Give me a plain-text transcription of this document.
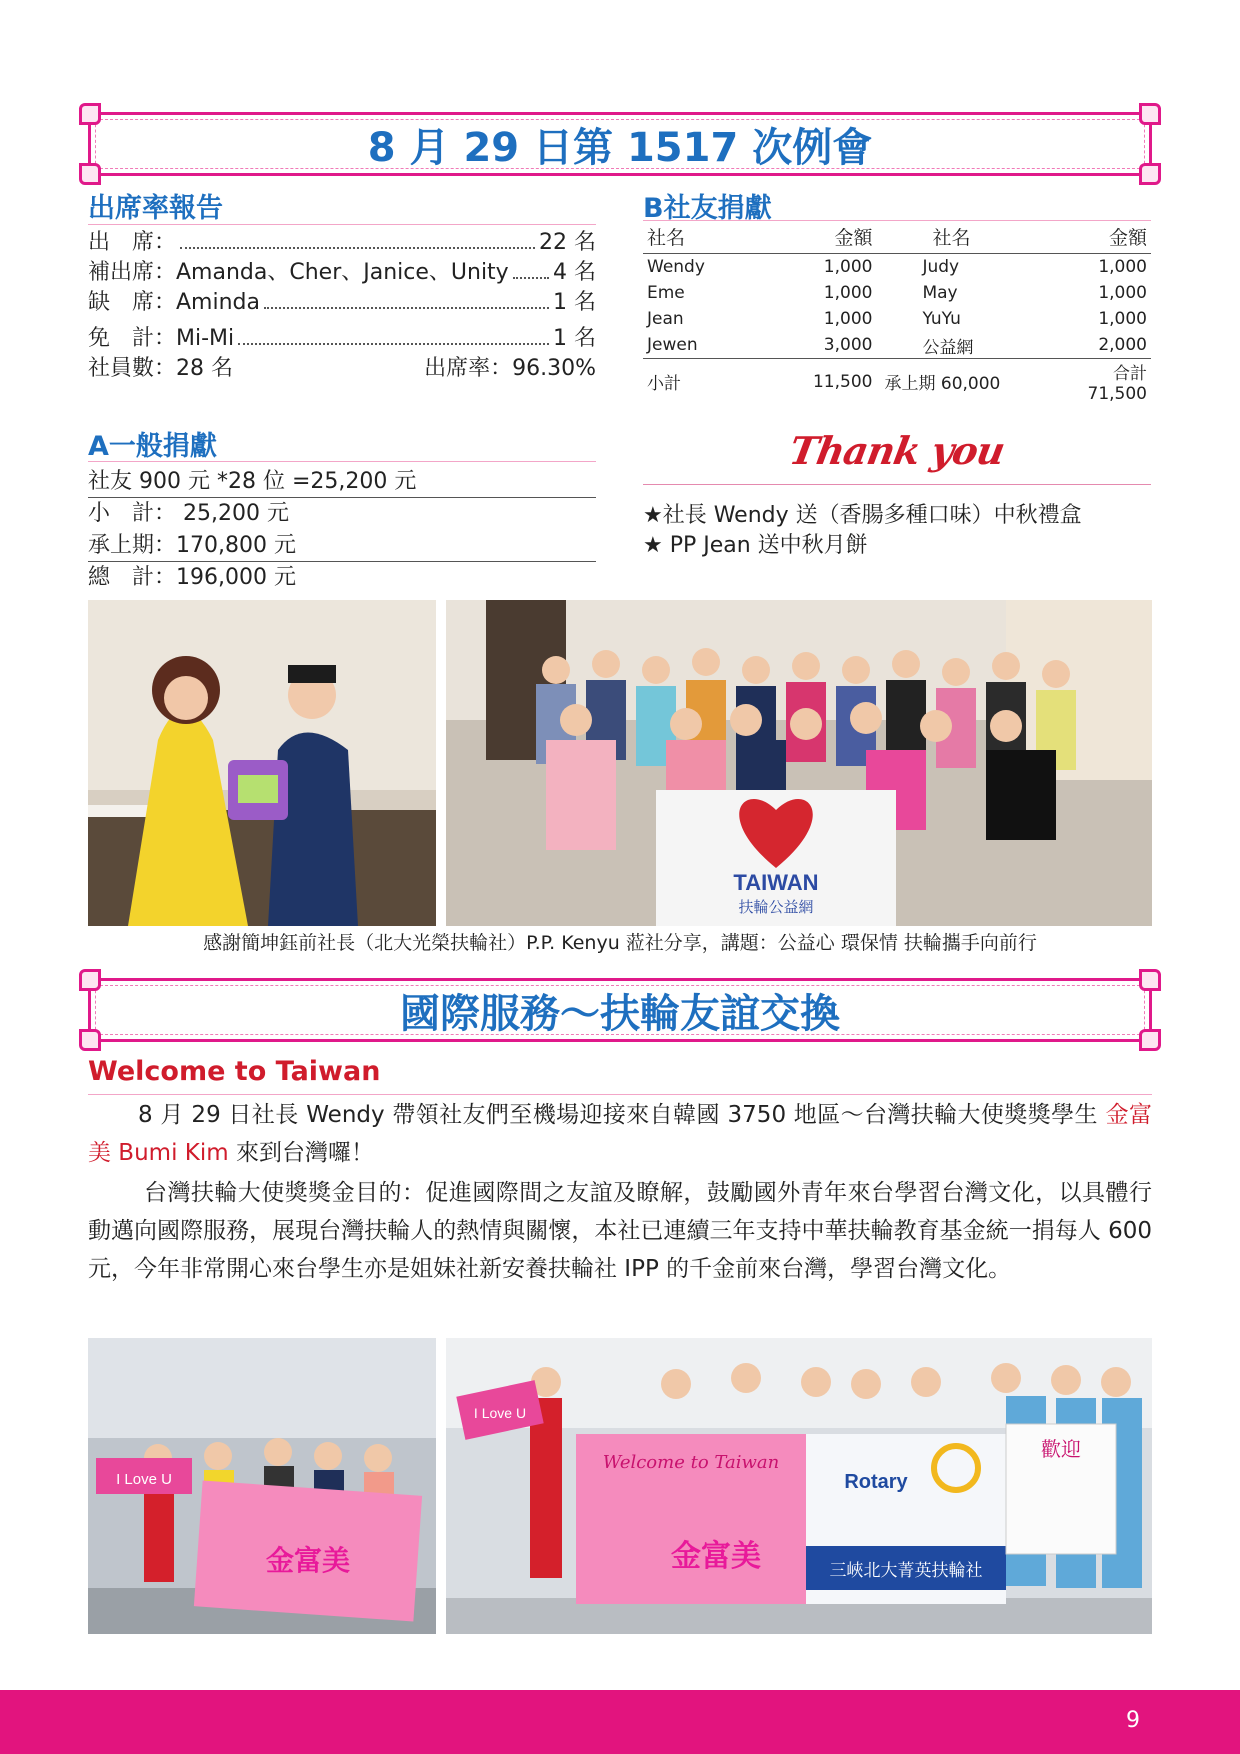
8 月 29 日第 1517 次例會
出席率報告
出　席：	22 名
補出席：Amanda、Cher、Janice、Unity 4 名
缺　席：Aminda	1 名
免　計：Mi-Mi	1 名
社員數：28 名	出席率：96.30%
B社友捐獻
社名	金額	社名	金額
Wendy	1,000	Judy	1,000
Eme	1,000	May	1,000
Jean	1,000	YuYu	1,000
Jewen	3,000	公益網	2,000
小計	11,500	承上期 60,000	合計 71,500
A一般捐獻
社友 900 元 *28 位 =25,200 元
小　計： 25,200 元
承上期：170,800 元
總　計：196,000 元
Thank you
★社長 Wendy 送（香腸多種口味）中秋禮盒
★ PP Jean 送中秋月餅
TAIWAN
扶輪公益網
感謝簡坤鈺前社長（北大光榮扶輪社）P.P. Kenyu 蒞社分享，講題：公益心 環保情 扶輪攜手向前行
國際服務～扶輪友誼交換
Welcome to Taiwan
8 月 29 日社長 Wendy 帶領社友們至機場迎接來自韓國 3750 地區～台灣扶輪大使獎獎學生 金富美 Bumi Kim 來到台灣囉！
台灣扶輪大使獎獎金目的：促進國際間之友誼及瞭解，鼓勵國外青年來台學習台灣文化，以具體行動邁向國際服務，展現台灣扶輪人的熱情與關懷，本社已連續三年支持中華扶輪教育基金統一捐每人 600 元，今年非常開心來台學生亦是姐妹社新安養扶輪社 IPP 的千金前來台灣，學習台灣文化。
I Love U
金富美
I Love U
Welcome to Taiwan
金富美
Rotary
三峽北大菁英扶輪社
歡迎
9
